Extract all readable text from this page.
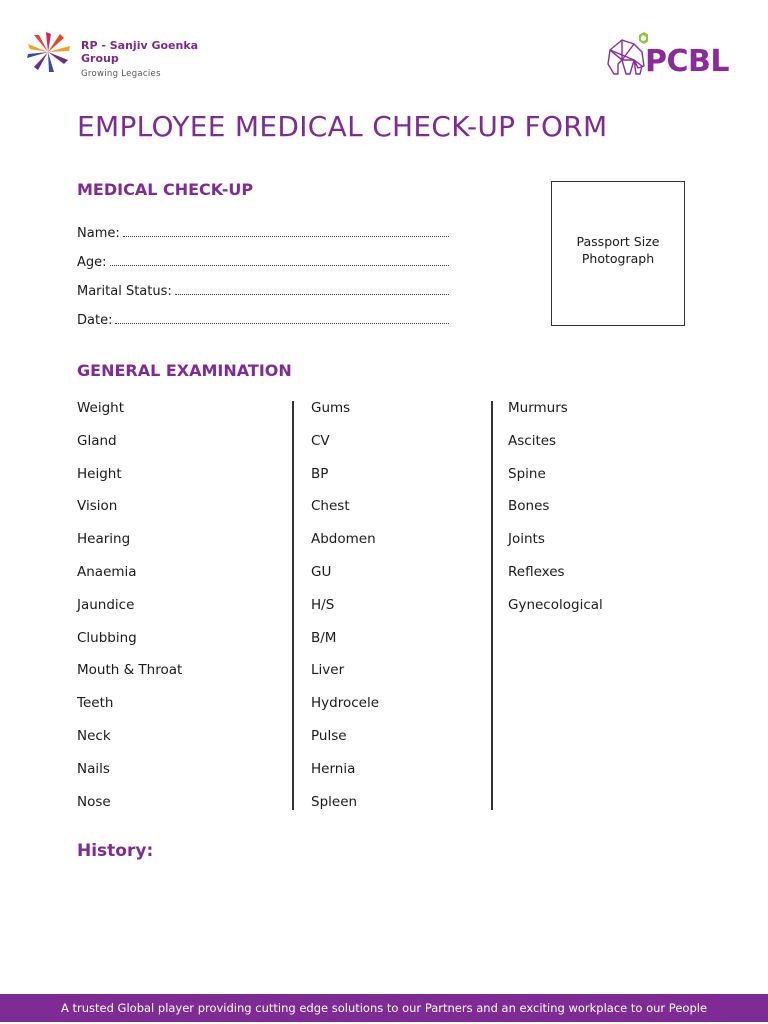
RP - Sanjiv Goenka Group
Growing Legacies	PCBL
EMPLOYEE MEDICAL CHECK-UP FORM
MEDICAL CHECK-UP
Name:
Age:
Marital Status:
Date:
Passport Size Photograph
GENERAL EXAMINATION
Weight
Gland
Height
Vision
Hearing
Anaemia
Jaundice
Clubbing
Mouth & Throat
Teeth
Neck
Nails
Nose
Gums
CV
BP
Chest
Abdomen
GU
H/S
B/M
Liver
Hydrocele
Pulse
Hernia
Spleen
Murmurs
Ascites
Spine
Bones
Joints
Reflexes
Gynecological
History:
A trusted Global player providing cutting edge solutions to our Partners and an exciting workplace to our People
